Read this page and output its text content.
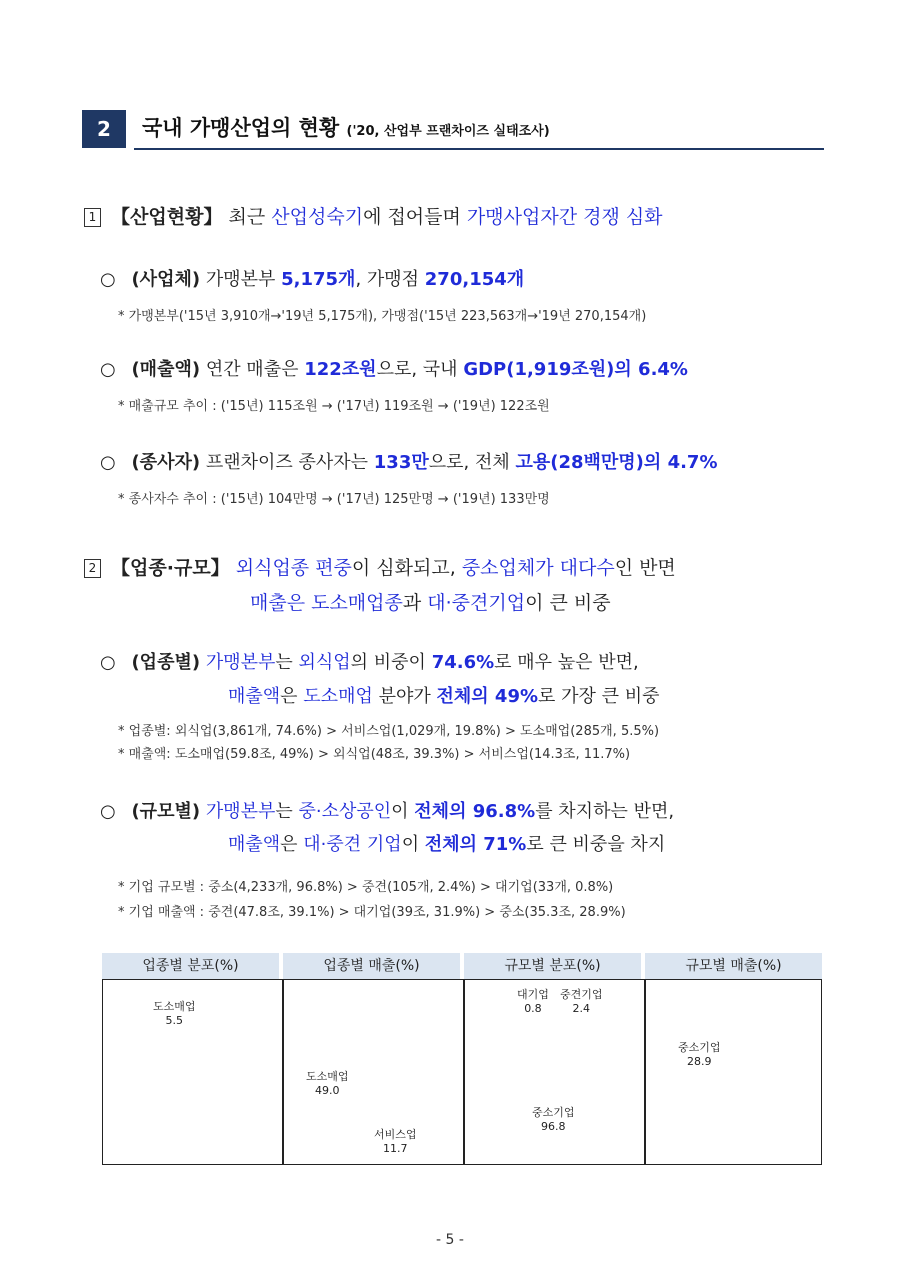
2	국내 가맹산업의 현황 ('20, 산업부 프랜차이즈 실태조사)
1 【산업현황】 최근 산업성숙기에 접어들며 가맹사업자간 경쟁 심화
○ (사업체) 가맹본부 5,175개, 가맹점 270,154개
* 가맹본부('15년 3,910개→'19년 5,175개), 가맹점('15년 223,563개→'19년 270,154개)
○ (매출액) 연간 매출은 122조원으로, 국내 GDP(1,919조원)의 6.4%
* 매출규모 추이 : ('15년) 115조원 → ('17년) 119조원 → ('19년) 122조원
○ (종사자) 프랜차이즈 종사자는 133만으로, 전체 고용(28백만명)의 4.7%
* 종사자수 추이 : ('15년) 104만명 → ('17년) 125만명 → ('19년) 133만명
2 【업종·규모】 외식업종 편중이 심화되고, 중소업체가 대다수인 반면
매출은 도소매업종과 대·중견기업이 큰 비중
○ (업종별) 가맹본부는 외식업의 비중이 74.6%로 매우 높은 반면,
매출액은 도소매업 분야가 전체의 49%로 가장 큰 비중
* 업종별: 외식업(3,861개, 74.6%) > 서비스업(1,029개, 19.8%) > 도소매업(285개, 5.5%)
* 매출액: 도소매업(59.8조, 49%) > 외식업(48조, 39.3%) > 서비스업(14.3조, 11.7%)
○ (규모별) 가맹본부는 중·소상공인이 전체의 96.8%를 차지하는 반면,
매출액은 대·중견 기업이 전체의 71%로 큰 비중을 차지
* 기업 규모별 : 중소(4,233개, 96.8%) > 중견(105개, 2.4%) > 대기업(33개, 0.8%)
* 기업 매출액 : 중견(47.8조, 39.1%) > 대기업(39조, 31.9%) > 중소(35.3조, 28.9%)
업종별 분포(%)	업종별 매출(%)	규모별 분포(%)	규모별 매출(%)
도소매업
5.5
도소매업
49.0
서비스업
11.7
대기업
0.8
중견기업
2.4
중소기업
96.8
중소기업
28.9
- 5 -
